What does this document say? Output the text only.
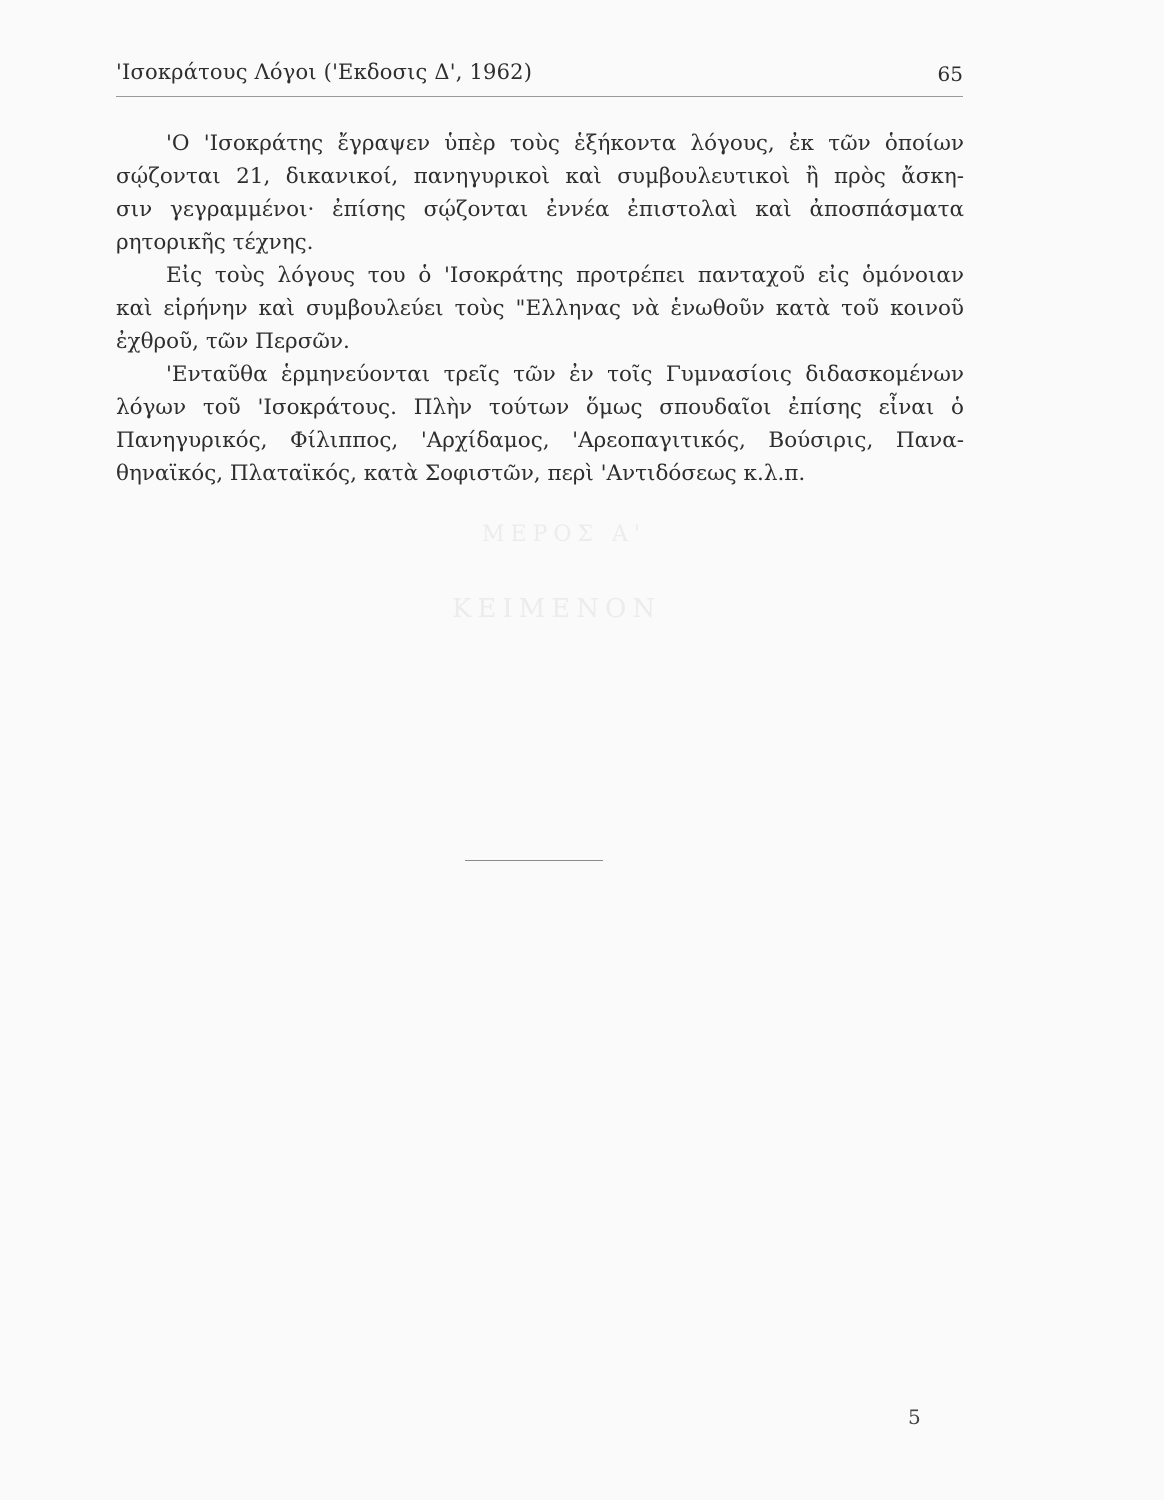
ΜΕΡΟΣ Α'
ΚΕΙΜΕΝΟΝ
'Ισοκράτους Λόγοι ('Εκδοσις Δ', 1962)	65
'Ο 'Ισοκράτης ἔγραψεν ὑπὲρ τοὺς ἑξήκοντα λόγους, ἐκ τῶν ὁποίων
σῴζονται 21, δικανικοί, πανηγυρικοὶ καὶ συμβουλευτικοὶ ἢ πρὸς ἄσκη-
σιν γεγραμμένοι· ἐπίσης σῴζονται ἐννέα ἐπιστολαὶ καὶ ἀποσπάσματα
ρητορικῆς τέχνης.
Εἰς τοὺς λόγους του ὁ 'Ισοκράτης προτρέπει πανταχοῦ εἰς ὁμόνοιαν
καὶ εἰρήνην καὶ συμβουλεύει τοὺς "Ελληνας νὰ ἑνωθοῦν κατὰ τοῦ κοινοῦ
ἐχθροῦ, τῶν Περσῶν.
'Ενταῦθα ἑρμηνεύονται τρεῖς τῶν ἐν τοῖς Γυμνασίοις διδασκομένων
λόγων τοῦ 'Ισοκράτους. Πλὴν τούτων ὅμως σπουδαῖοι ἐπίσης εἶναι ὁ
Πανηγυρικός, Φίλιππος, 'Αρχίδαμος, 'Αρεοπαγιτικός, Βούσιρις, Πανα-
θηναϊκός, Πλαταϊκός, κατὰ Σοφιστῶν, περὶ 'Αντιδόσεως κ.λ.π.
5
